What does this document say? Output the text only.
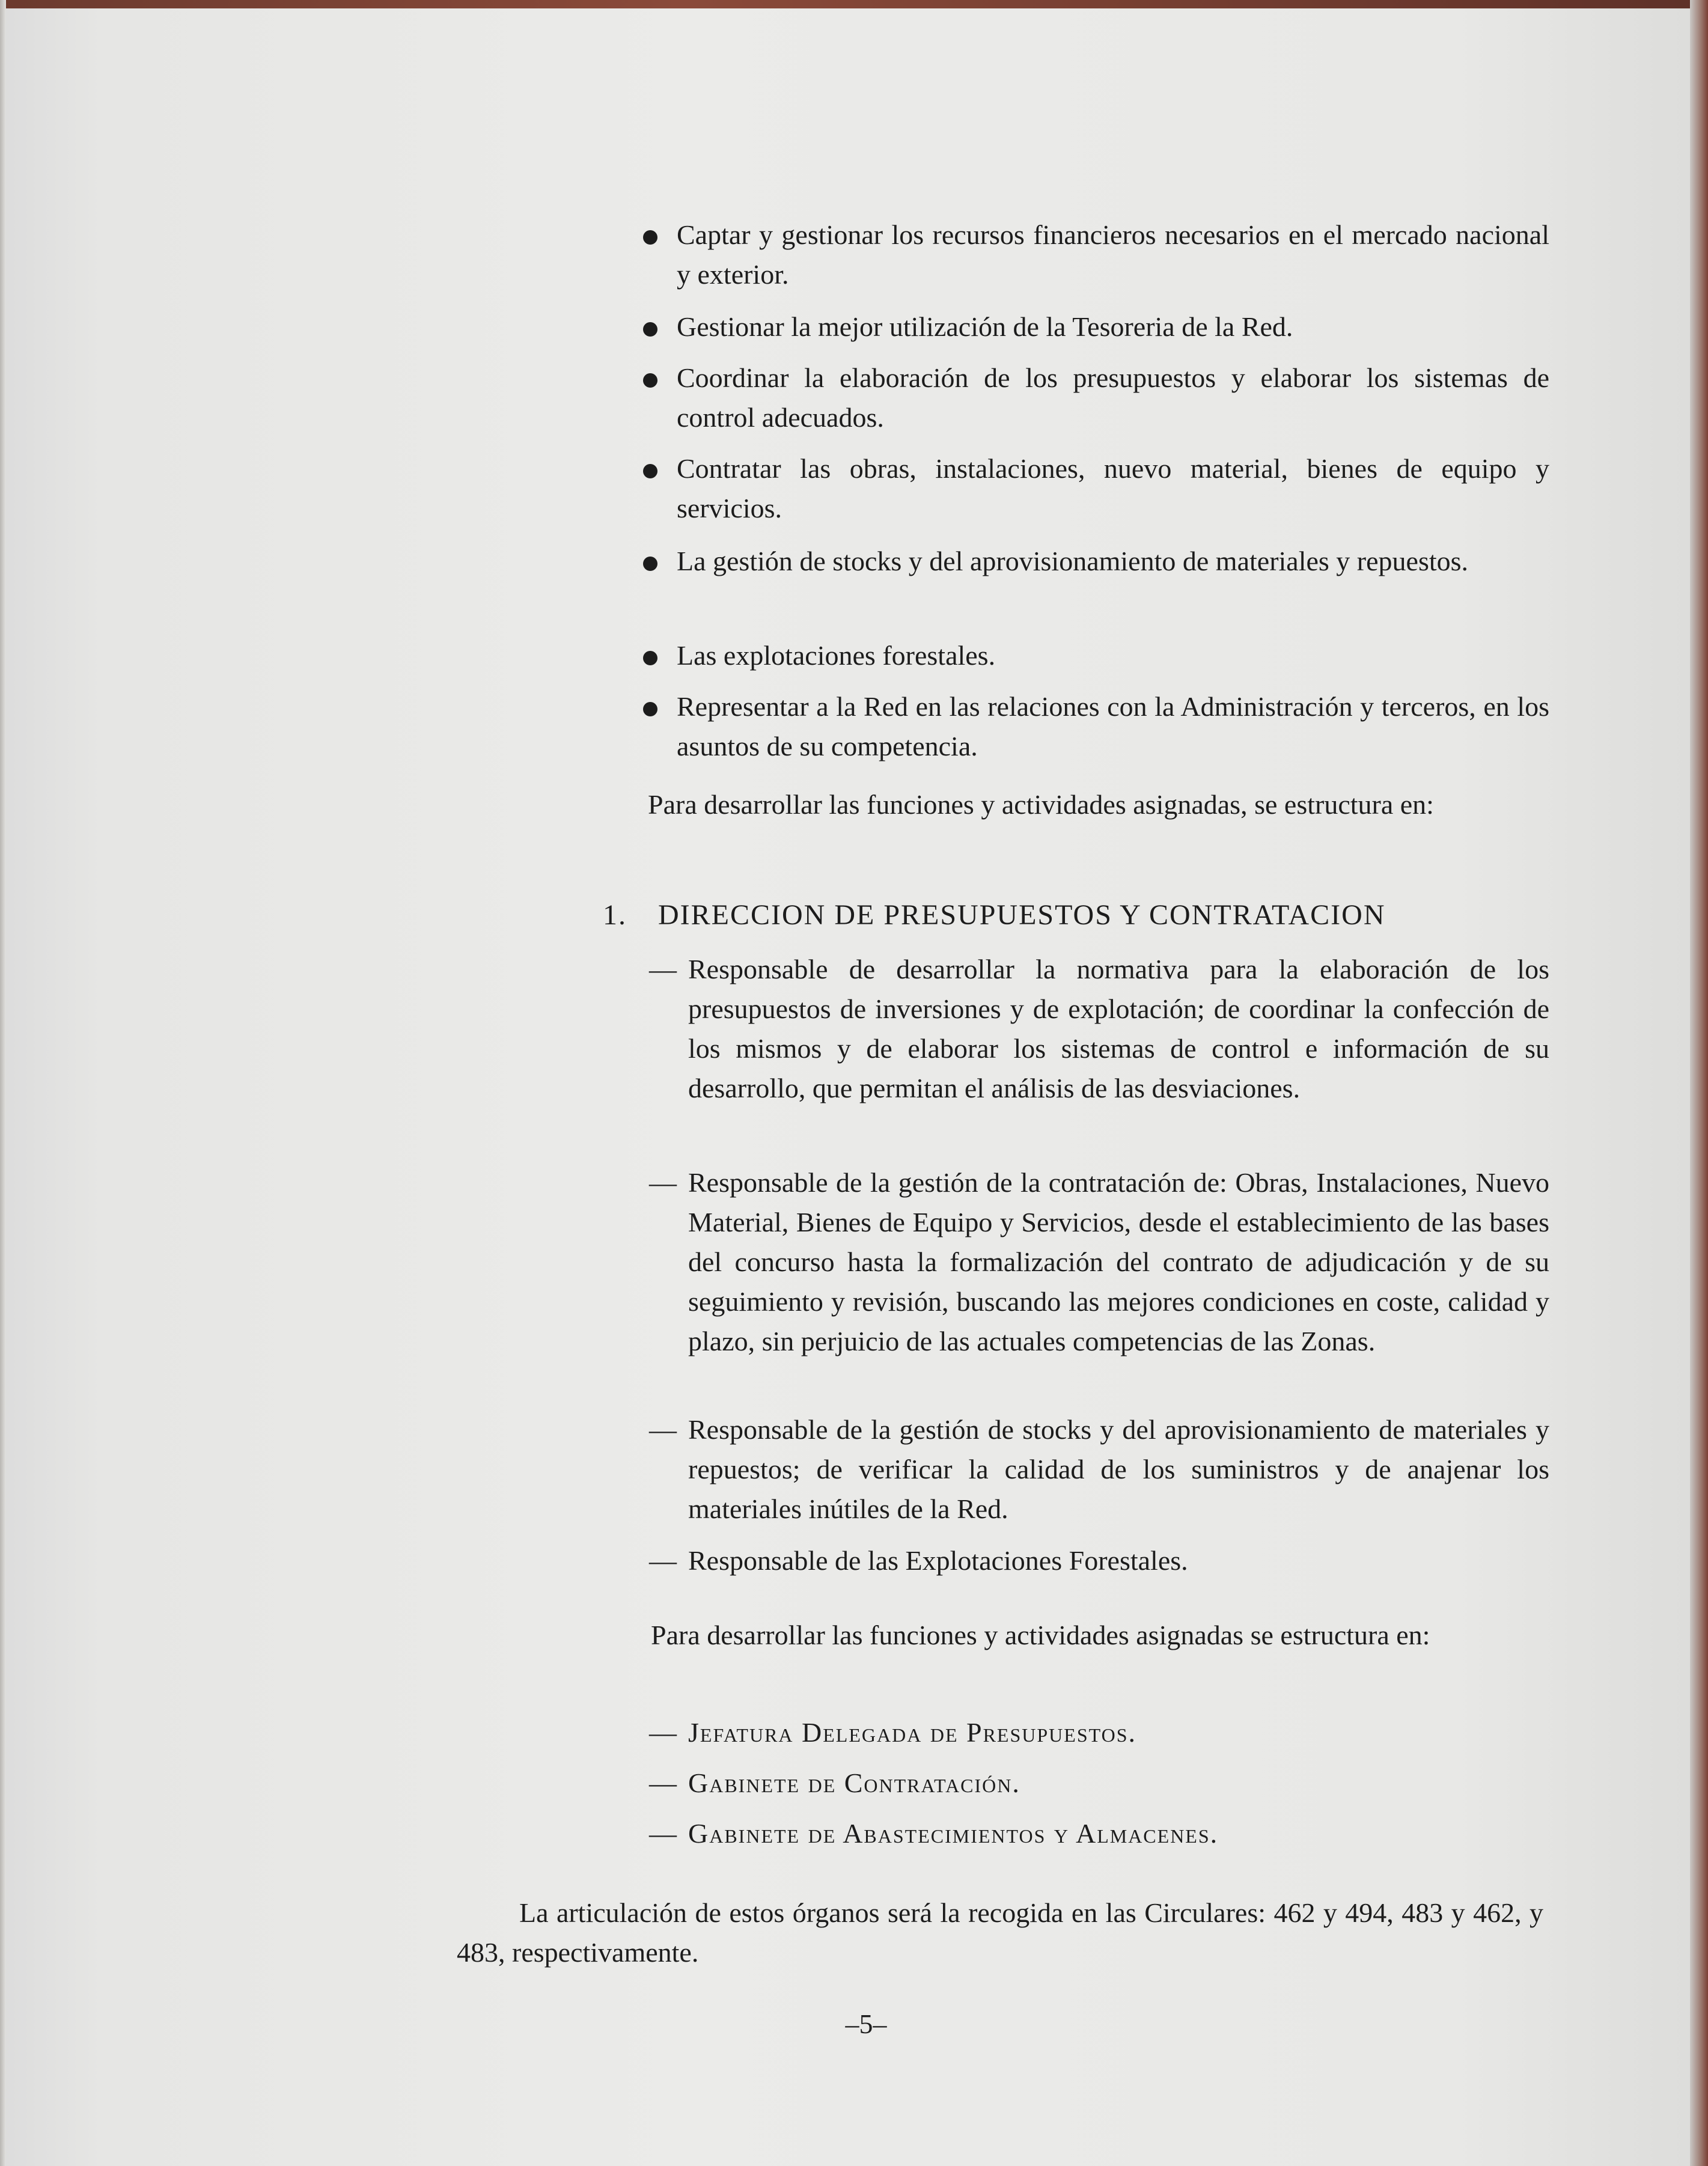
Captar y gestionar los recursos financieros necesarios en el mercado nacional y exterior.
Gestionar la mejor utilización de la Tesoreria de la Red.
Coordinar la elaboración de los presupuestos y elaborar los sistemas de control adecuados.
Contratar las obras, instalaciones, nuevo material, bienes de equipo y servicios.
La gestión de stocks y del aprovisionamiento de materiales y repuestos.
Las explotaciones forestales.
Representar a la Red en las relaciones con la Administración y terceros, en los asuntos de su competencia.
Para desarrollar las funciones y actividades asignadas, se estructura en:
1. DIRECCION DE PRESUPUESTOS Y CONTRATACION
— Responsable de desarrollar la normativa para la elaboración de los presupuestos de inversiones y de explotación; de coordinar la confección de los mismos y de elaborar los sistemas de control e información de su desarrollo, que permitan el análisis de las desviaciones.
— Responsable de la gestión de la contratación de: Obras, Instalaciones, Nuevo Material, Bienes de Equipo y Servicios, desde el establecimiento de las bases del concurso hasta la formalización del contrato de adjudicación y de su seguimiento y revisión, buscando las mejores condiciones en coste, calidad y plazo, sin perjuicio de las actuales competencias de las Zonas.
— Responsable de la gestión de stocks y del aprovisionamiento de materiales y repuestos; de verificar la calidad de los suministros y de anajenar los materiales inútiles de la Red.
— Responsable de las Explotaciones Forestales.
Para desarrollar las funciones y actividades asignadas se estructura en:
— Jefatura Delegada de Presupuestos.
— Gabinete de Contratación.
— Gabinete de Abastecimientos y Almacenes.
La articulación de estos órganos será la recogida en las Circulares: 462 y 494, 483 y 462, y 483, respectivamente.
–5–
